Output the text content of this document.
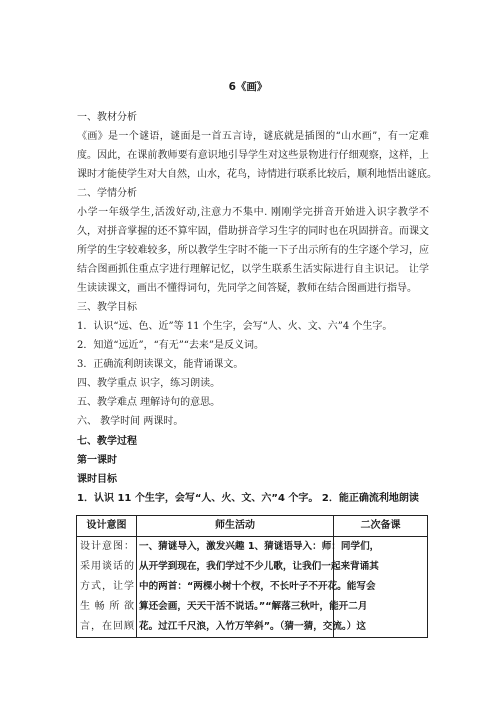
6《画》
一、教材分析
《画》是一个谜语，谜面是一首五言诗，谜底就是插图的“山水画”，有一定难
度。因此，在课前教师要有意识地引导学生对这些景物进行仔细观察，这样，上
课时才能使学生对大自然，山水，花鸟，诗情进行联系比较后，顺利地悟出谜底。
二、学情分析
小学一年级学生,活泼好动,注意力不集中. 刚刚学完拼音开始进入识字教学不
久，对拼音掌握的还不算牢固，借助拼音学习生字的同时也在巩固拼音。而课文
所学的生字较难较多，所以教学生字时不能一下子出示所有的生字逐个学习，应
结合图画抓住重点字进行理解记忆，以学生联系生活实际进行自主识记。 让学
生读读课文，画出不懂得词句，先同学之间答疑，教师在结合图画进行指导。
三、教学目标
1．认识“远、色、近”等 11 个生字，会写“人、火、文、六”4 个生字。
2．知道“远近”，“有无”“去来”是反义词。
3．正确流利朗读课文，能背诵课文。
四、教学重点 识字，练习朗读。
五、教学难点 理解诗句的意思。
六、 教学时间 两课时。
七、教学过程
第一课时
课时目标
1．认识 11 个生字，会写“人、火、文、六”4 个字。 2．能正确流利地朗读
设计意图	师生活动	二次备课

设计意图：
采用谈话的
方式，让学
生畅所欲
言，在回顾	一、猜谜导入，激发兴趣 1、猜谜语导入：师：同学们，
从开学到现在，我们学过不少儿歌，让我们一起来背诵其
中的两首：“两棵小树十个杈，不长叶子不开花。能写会
算还会画，天天干活不说话。”“解落三秋叶，能开二月
花。过江千尺浪，入竹万竿斜”。（猜一猜，交流。）这	
